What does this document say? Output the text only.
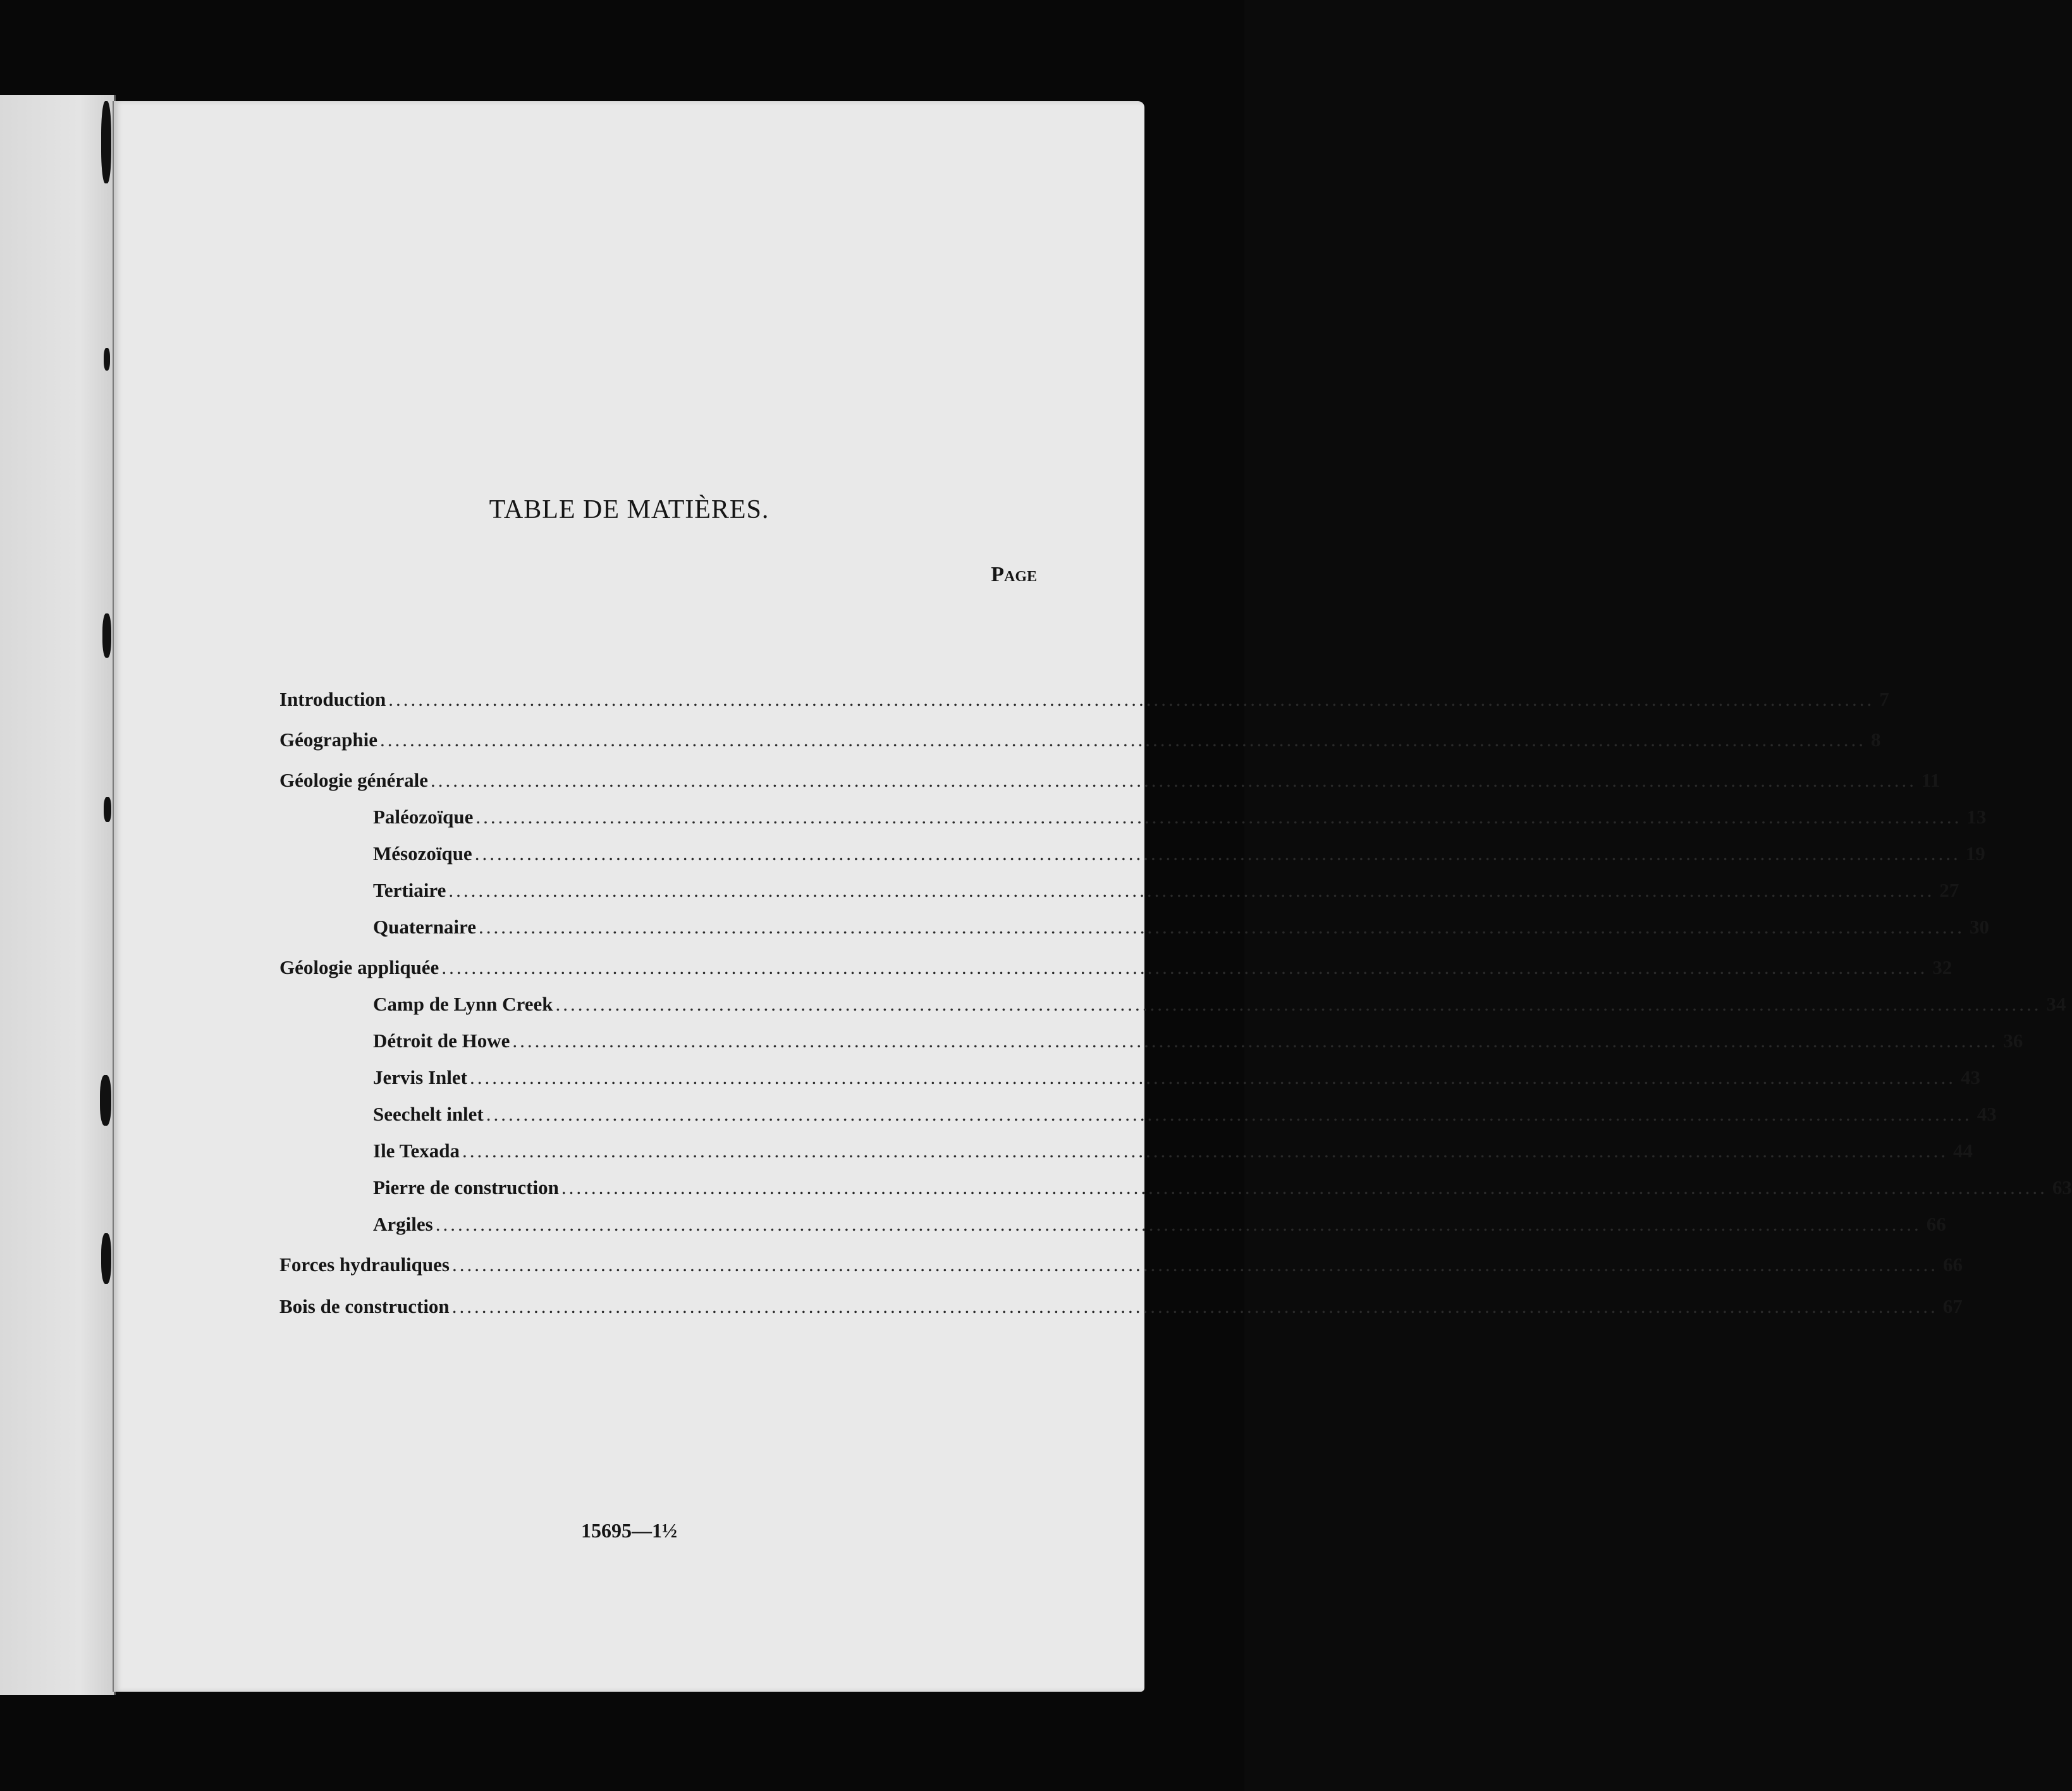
TABLE DE MATIÈRES.
Page
Introduction ........................................................................................................................................................................................................ 7
Géographie ........................................................................................................................................................................................................ 8
Géologie générale ........................................................................................................................................................................................................ 11
Paléozoïque ........................................................................................................................................................................................................ 13
Mésozoïque ........................................................................................................................................................................................................ 19
Tertiaire ........................................................................................................................................................................................................ 27
Quaternaire ........................................................................................................................................................................................................ 30
Géologie appliquée ........................................................................................................................................................................................................ 32
Camp de Lynn Creek ........................................................................................................................................................................................................ 34
Détroit de Howe ........................................................................................................................................................................................................ 36
Jervis Inlet ........................................................................................................................................................................................................ 43
Seechelt inlet ........................................................................................................................................................................................................ 43
Ile Texada ........................................................................................................................................................................................................ 44
Pierre de construction ........................................................................................................................................................................................................ 63
Argiles ........................................................................................................................................................................................................ 66
Forces hydrauliques ........................................................................................................................................................................................................ 66
Bois de construction ........................................................................................................................................................................................................ 67
15695—1½
